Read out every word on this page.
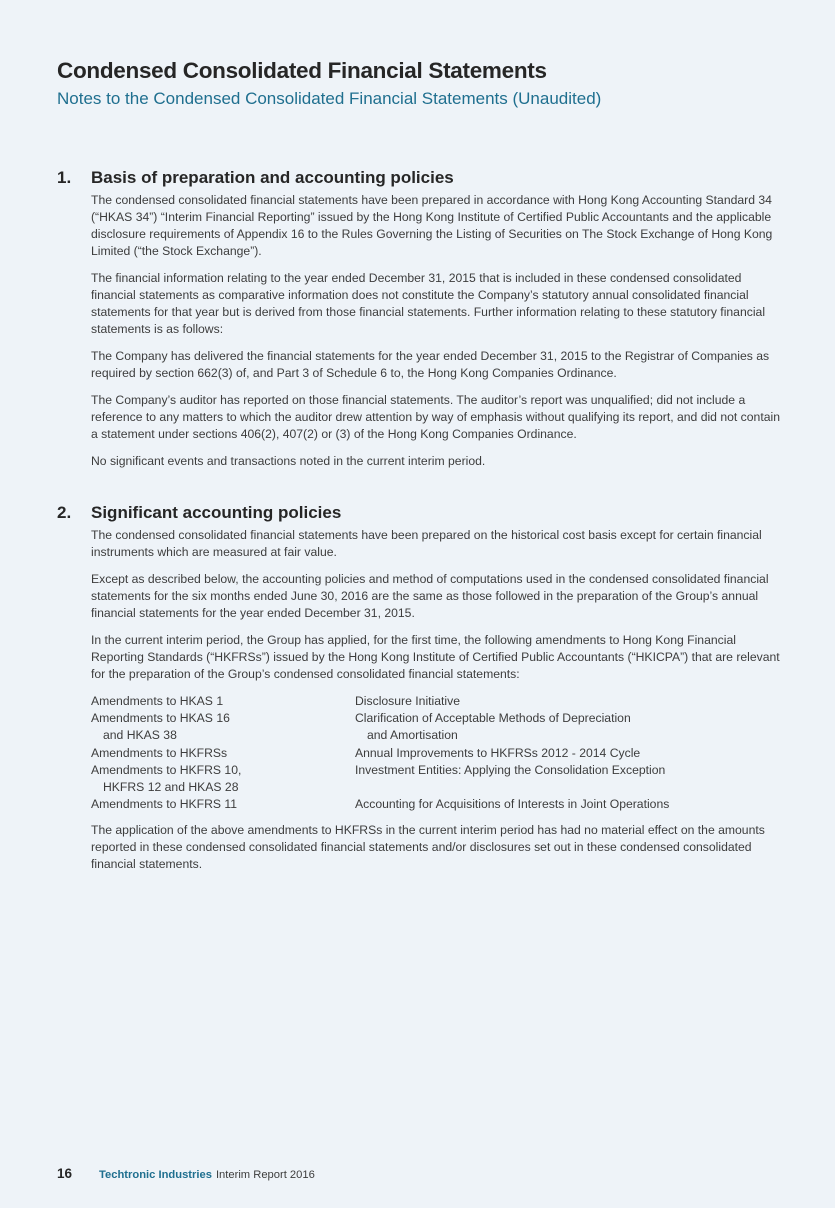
Condensed Consolidated Financial Statements
Notes to the Condensed Consolidated Financial Statements (Unaudited)
1.	Basis of preparation and accounting policies

The condensed consolidated financial statements have been prepared in accordance with Hong Kong Accounting Standard 34 (“HKAS 34”) “Interim Financial Reporting” issued by the Hong Kong Institute of Certified Public Accountants and the applicable disclosure requirements of Appendix 16 to the Rules Governing the Listing of Securities on The Stock Exchange of Hong Kong Limited (“the Stock Exchange”).

The financial information relating to the year ended December 31, 2015 that is included in these condensed consolidated financial statements as comparative information does not constitute the Company’s statutory annual consolidated financial statements for that year but is derived from those financial statements. Further information relating to these statutory financial statements is as follows:

The Company has delivered the financial statements for the year ended December 31, 2015 to the Registrar of Companies as required by section 662(3) of, and Part 3 of Schedule 6 to, the Hong Kong Companies Ordinance.

The Company’s auditor has reported on those financial statements. The auditor’s report was unqualified; did not include a reference to any matters to which the auditor drew attention by way of emphasis without qualifying its report, and did not contain a statement under sections 406(2), 407(2) or (3) of the Hong Kong Companies Ordinance.

No significant events and transactions noted in the current interim period.

2.	Significant accounting policies

The condensed consolidated financial statements have been prepared on the historical cost basis except for certain financial instruments which are measured at fair value.

Except as described below, the accounting policies and method of computations used in the condensed consolidated financial statements for the six months ended June 30, 2016 are the same as those followed in the preparation of the Group’s annual financial statements for the year ended December 31, 2015.

In the current interim period, the Group has applied, for the first time, the following amendments to Hong Kong Financial Reporting Standards (“HKFRSs”) issued by the Hong Kong Institute of Certified Public Accountants (“HKICPA”) that are relevant for the preparation of the Group’s condensed consolidated financial statements:

Amendments to HKAS 1	Disclosure Initiative
Amendments to HKAS 16
and HKAS 38	Clarification of Acceptable Methods of Depreciation
and Amortisation

Amendments to HKFRSs	Annual Improvements to HKFRSs 2012 - 2014 Cycle
Amendments to HKFRS 10,
HKFRS 12 and HKAS 28	Investment Entities: Applying the Consolidation Exception
Amendments to HKFRS 11	Accounting for Acquisitions of Interests in Joint Operations

The application of the above amendments to HKFRSs in the current interim period has had no material effect on the amounts reported in these condensed consolidated financial statements and/or disclosures set out in these condensed consolidated financial statements.

16	Techtronic Industries Interim Report 2016
